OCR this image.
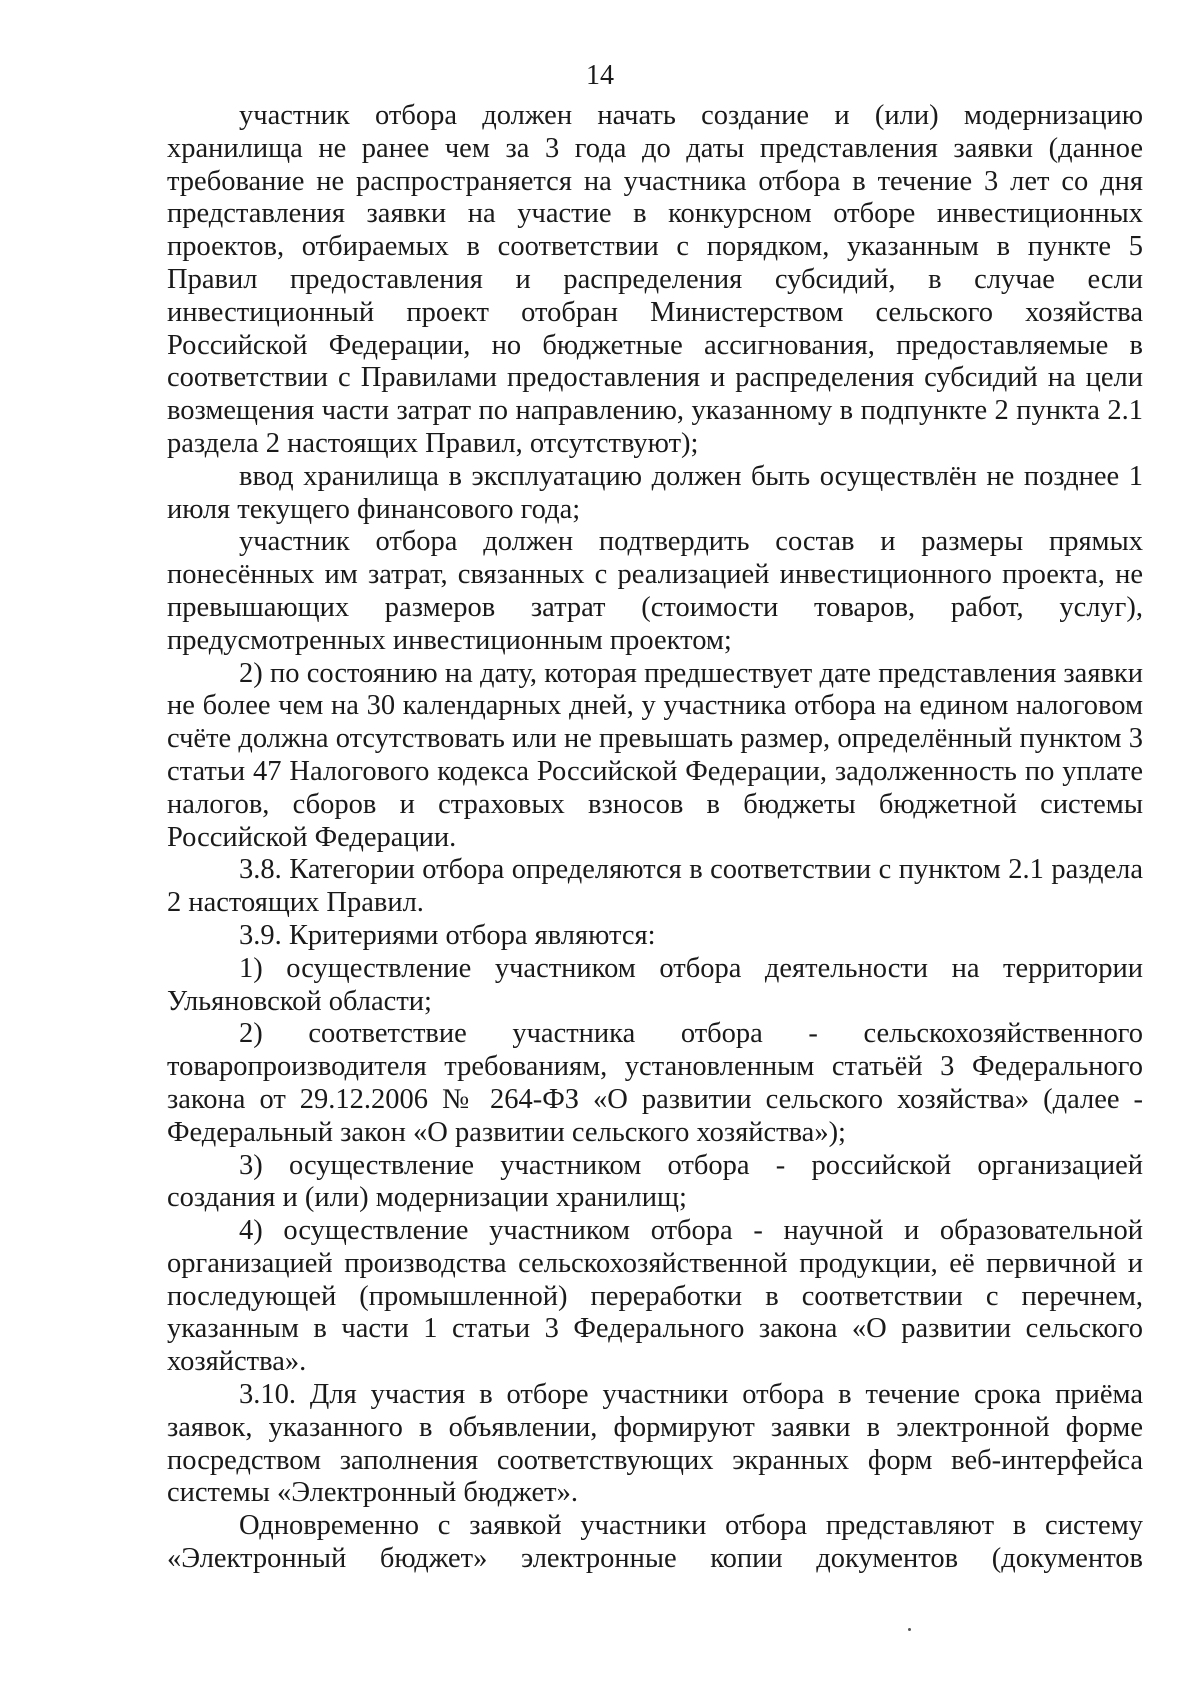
14

участник отбора должен начать создание и (или) модернизацию хранилища не ранее чем за 3 года до даты представления заявки (данное требование не распространяется на участника отбора в течение 3 лет со дня представления заявки на участие в конкурсном отборе инвестиционных проектов, отбираемых в соответствии с порядком, указанным в пункте 5 Правил предоставления и распределения субсидий, в случае если инвестиционный проект отобран Министерством сельского хозяйства Российской Федерации, но бюджетные ассигнования, предоставляемые в соответствии с Правилами предоставления и распределения субсидий на цели возмещения части затрат по направлению, указанному в подпункте 2 пункта 2.1 раздела 2 настоящих Правил, отсутствуют);

ввод хранилища в эксплуатацию должен быть осуществлён не позднее 1 июля текущего финансового года;

участник отбора должен подтвердить состав и размеры прямых понесённых им затрат, связанных с реализацией инвестиционного проекта, не превышающих размеров затрат (стоимости товаров, работ, услуг), предусмотренных инвестиционным проектом;

2) по состоянию на дату, которая предшествует дате представления заявки не более чем на 30 календарных дней, у участника отбора на едином налоговом счёте должна отсутствовать или не превышать размер, определённый пунктом 3 статьи 47 Налогового кодекса Российской Федерации, задолженность по уплате налогов, сборов и страховых взносов в бюджеты бюджетной системы Российской Федерации.

3.8. Категории отбора определяются в соответствии с пунктом 2.1 раздела 2 настоящих Правил.

3.9. Критериями отбора являются:

1) осуществление участником отбора деятельности на территории Ульяновской области;

2) соответствие участника отбора - сельскохозяйственного товаропроизводителя требованиям, установленным статьёй 3 Федерального закона от 29.12.2006 № 264-ФЗ «О развитии сельского хозяйства» (далее - Федеральный закон «О развитии сельского хозяйства»);

3) осуществление участником отбора - российской организацией создания и (или) модернизации хранилищ;

4) осуществление участником отбора - научной и образовательной организацией производства сельскохозяйственной продукции, её первичной и последующей (промышленной) переработки в соответствии с перечнем, указанным в части 1 статьи 3 Федерального закона «О развитии сельского хозяйства».

3.10. Для участия в отборе участники отбора в течение срока приёма заявок, указанного в объявлении, формируют заявки в электронной форме посредством заполнения соответствующих экранных форм веб-интерфейса системы «Электронный бюджет».

Одновременно с заявкой участники отбора представляют в систему «Электронный бюджет» электронные копии документов (документов
